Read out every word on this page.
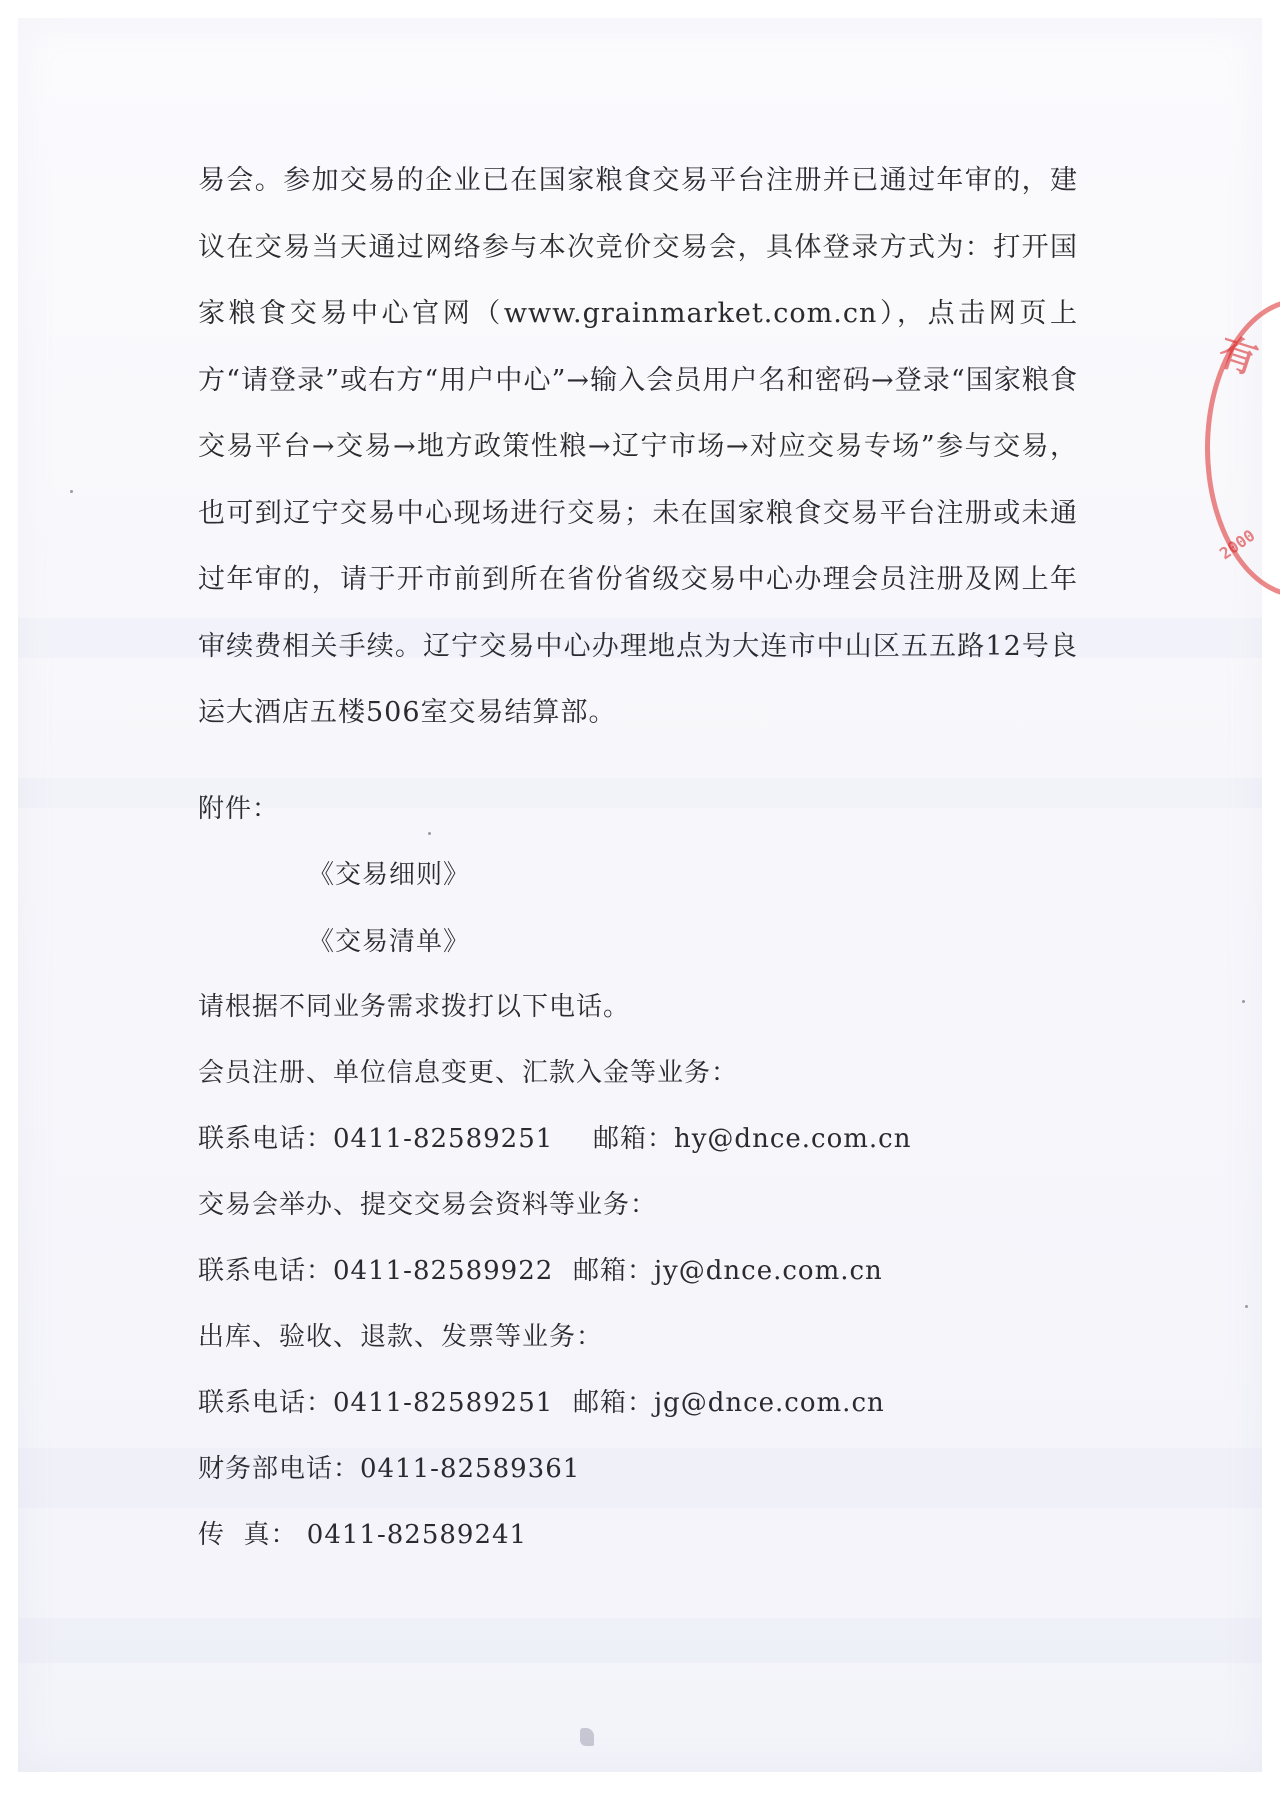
有
2000

易会。参加交易的企业已在国家粮食交易平台注册并已通过年审的，建议在交易当天通过网络参与本次竞价交易会，具体登录方式为：打开国家粮食交易中心官网（www.grainmarket.com.cn），点击网页上方“请登录”或右方“用户中心”→输入会员用户名和密码→登录“国家粮食交易平台→交易→地方政策性粮→辽宁市场→对应交易专场”参与交易，也可到辽宁交易中心现场进行交易；未在国家粮食交易平台注册或未通过年审的，请于开市前到所在省份省级交易中心办理会员注册及网上年审续费相关手续。辽宁交易中心办理地点为大连市中山区五五路12号良运大酒店五楼506室交易结算部。

附件：
《交易细则》
《交易清单》
请根据不同业务需求拨打以下电话。
会员注册、单位信息变更、汇款入金等业务：
联系电话：0411-82589251 邮箱：hy@dnce.com.cn
交易会举办、提交交易会资料等业务：
联系电话：0411-82589922 邮箱：jy@dnce.com.cn
出库、验收、退款、发票等业务：
联系电话：0411-82589251 邮箱：jg@dnce.com.cn
财务部电话：0411-82589361
传  真： 0411-82589241
